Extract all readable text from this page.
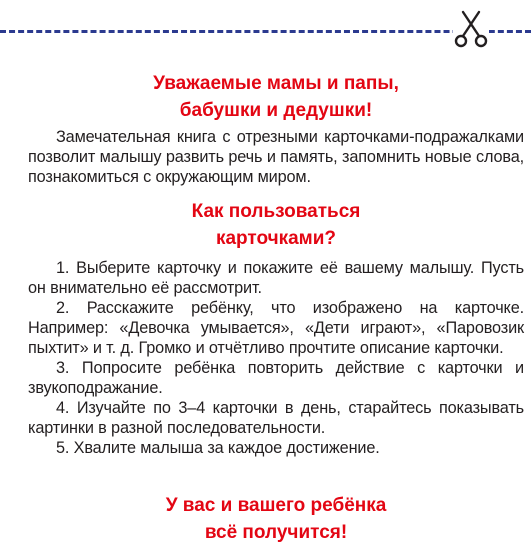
Уважаемые мамы и папы,
бабушки и дедушки!

Замечательная книга с отрезными карточками-подражалками позволит малышу развить речь и память, запомнить новые слова, познакомиться с окружающим миром.

Как пользоваться
карточками?

1. Выберите карточку и покажите её вашему малышу. Пусть он внимательно её рассмотрит.

2. Расскажите ребёнку, что изображено на карточке. Например: «Девочка умывается», «Дети играют», «Паровозик пыхтит» и т. д. Громко и отчётливо прочтите описание карточки.

3. Попросите ребёнка повторить действие с карточки и звукоподражание.

4. Изучайте по 3–4 карточки в день, старайтесь показывать картинки в разной последовательности.

5. Хвалите малыша за каждое достижение.

У вас и вашего ребёнка
всё получится!
